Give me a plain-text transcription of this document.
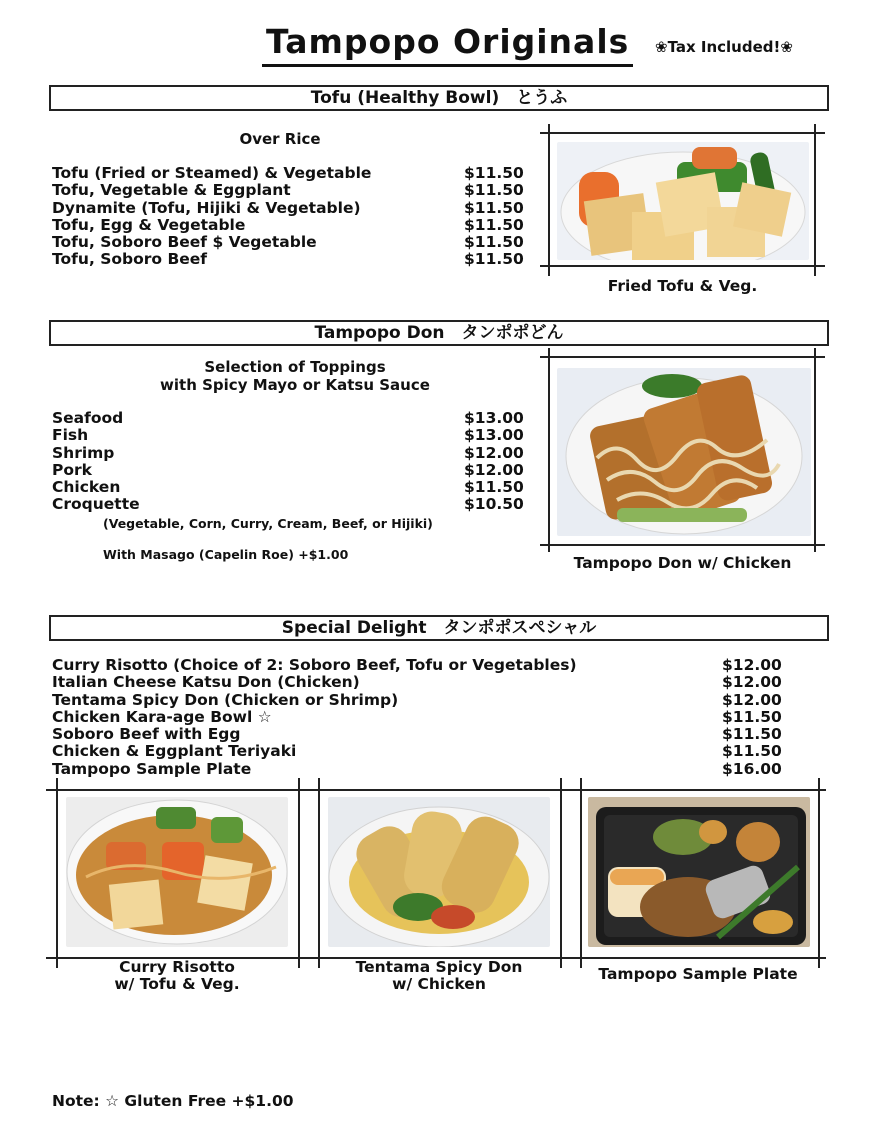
Tampopo Originals ❀Tax Included!❀
Tofu (Healthy Bowl)　とうふ
Over Rice
Tofu (Fried or Steamed) & Vegetable
Tofu, Vegetable & Eggplant
Dynamite (Tofu, Hijiki & Vegetable)
Tofu, Egg & Vegetable
Tofu, Soboro Beef $ Vegetable
Tofu, Soboro Beef
$11.50
$11.50
$11.50
$11.50
$11.50
$11.50
Fried Tofu & Veg.
Tampopo Don　タンポポどん
Selection of Toppings
with Spicy Mayo or Katsu Sauce
Seafood
Fish
Shrimp
Pork
Chicken
Croquette
$13.00
$13.00
$12.00
$12.00
$11.50
$10.50
(Vegetable, Corn, Curry, Cream, Beef, or Hijiki)
With Masago (Capelin Roe) +$1.00	Tampopo Don w/ Chicken
Special Delight　タンポポスペシャル
Curry Risotto (Choice of 2: Soboro Beef, Tofu or Vegetables)
Italian Cheese Katsu Don (Chicken)
Tentama Spicy Don (Chicken or Shrimp)
Chicken Kara-age Bowl ☆
Soboro Beef with Egg
Chicken & Eggplant Teriyaki
Tampopo Sample Plate
$12.00
$12.00
$12.00
$11.50
$11.50
$11.50
$16.00
Curry Risotto
w/ Tofu & Veg.
Tentama Spicy Don
w/ Chicken
Tampopo Sample Plate
Note: ☆ Gluten Free +$1.00
